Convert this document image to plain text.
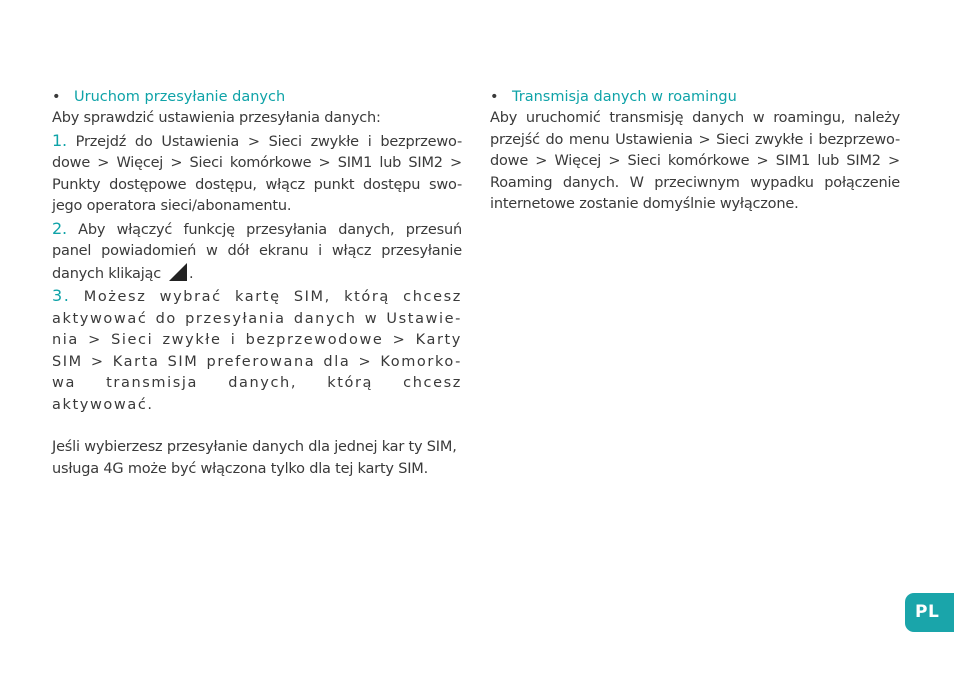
• Uruchom przesyłanie danych

Aby sprawdzić ustawienia przesyłania danych:

1. Przejdź do Ustawienia > Sieci zwykłe i bezprzewo-dowe > Więcej > Sieci komórkowe > SIM1 lub SIM2 > Punkty dostępowe dostępu, włącz punkt dostępu swo-jego operatora sieci/abonamentu.

2. Aby włączyć funkcję przesyłania danych, przesuń panel powiadomień w dół ekranu i włącz przesyłanie danych klikając .

3. Możesz wybrać kartę SIM, którą chcesz aktywować do przesyłania danych w Ustawie-nia > Sieci zwykłe i bezprzewodowe > Karty SIM > Karta SIM preferowana dla > Komorko-wa transmisja danych, którą chcesz aktywować.

Jeśli wybierzesz przesyłanie danych dla jednej kar ty SIM, usługa 4G może być włączona tylko dla tej karty SIM.

• Transmisja danych w roamingu

Aby uruchomić transmisję danych w roamingu, należy przejść do menu Ustawienia > Sieci zwykłe i bezprzewo-dowe > Więcej > Sieci komórkowe > SIM1 lub SIM2 > Roaming danych. W przeciwnym wypadku połączenie internetowe zostanie domyślnie wyłączone.

PL
